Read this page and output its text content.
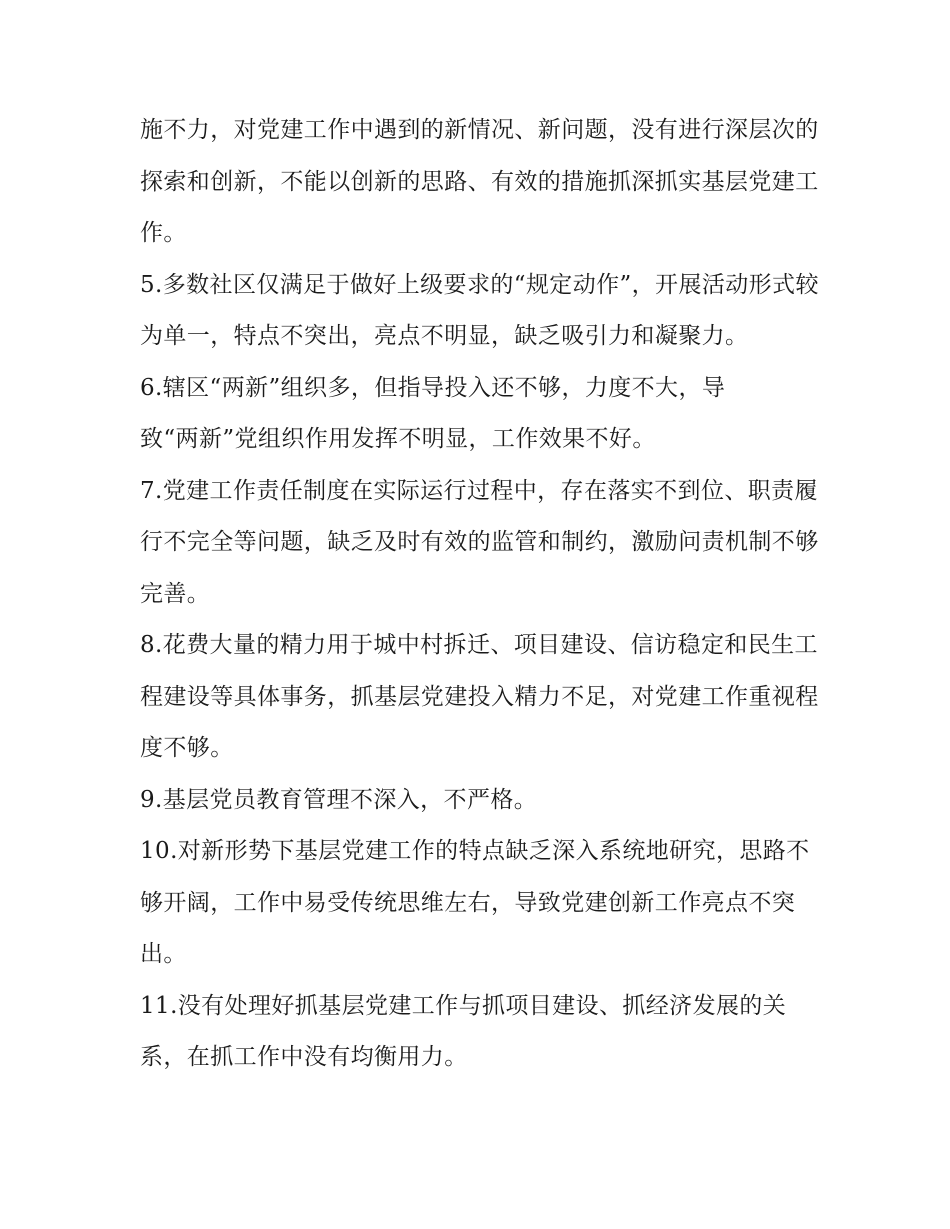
施不力，对党建工作中遇到的新情况、新问题，没有进行深层次的探索和创新，不能以创新的思路、有效的措施抓深抓实基层党建工作。

5.多数社区仅满足于做好上级要求的“规定动作”，开展活动形式较为单一，特点不突出，亮点不明显，缺乏吸引力和凝聚力。

6.辖区“两新”组织多，但指导投入还不够，力度不大，导致“两新”党组织作用发挥不明显，工作效果不好。

7.党建工作责任制度在实际运行过程中，存在落实不到位、职责履行不完全等问题，缺乏及时有效的监管和制约，激励问责机制不够完善。

8.花费大量的精力用于城中村拆迁、项目建设、信访稳定和民生工程建设等具体事务，抓基层党建投入精力不足，对党建工作重视程度不够。

9.基层党员教育管理不深入，不严格。

10.对新形势下基层党建工作的特点缺乏深入系统地研究，思路不够开阔，工作中易受传统思维左右，导致党建创新工作亮点不突出。

11.没有处理好抓基层党建工作与抓项目建设、抓经济发展的关系，在抓工作中没有均衡用力。
